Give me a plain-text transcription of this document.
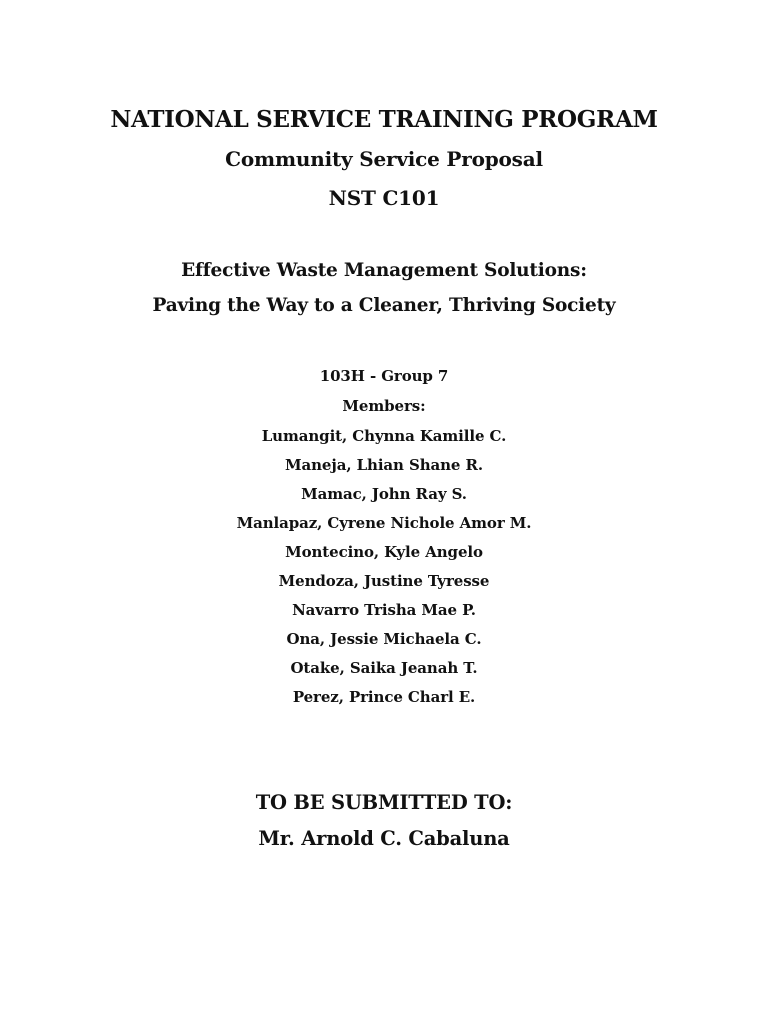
NATIONAL SERVICE TRAINING PROGRAM
Community Service Proposal
NST C101
Effective Waste Management Solutions:
Paving the Way to a Cleaner, Thriving Society
103H - Group 7
Members:
Lumangit, Chynna Kamille C.
Maneja, Lhian Shane R.
Mamac, John Ray S.
Manlapaz, Cyrene Nichole Amor M.
Montecino, Kyle Angelo
Mendoza, Justine Tyresse
Navarro Trisha Mae P.
Ona, Jessie Michaela C.
Otake, Saika Jeanah T.
Perez, Prince Charl E.
TO BE SUBMITTED TO:
Mr. Arnold C. Cabaluna
